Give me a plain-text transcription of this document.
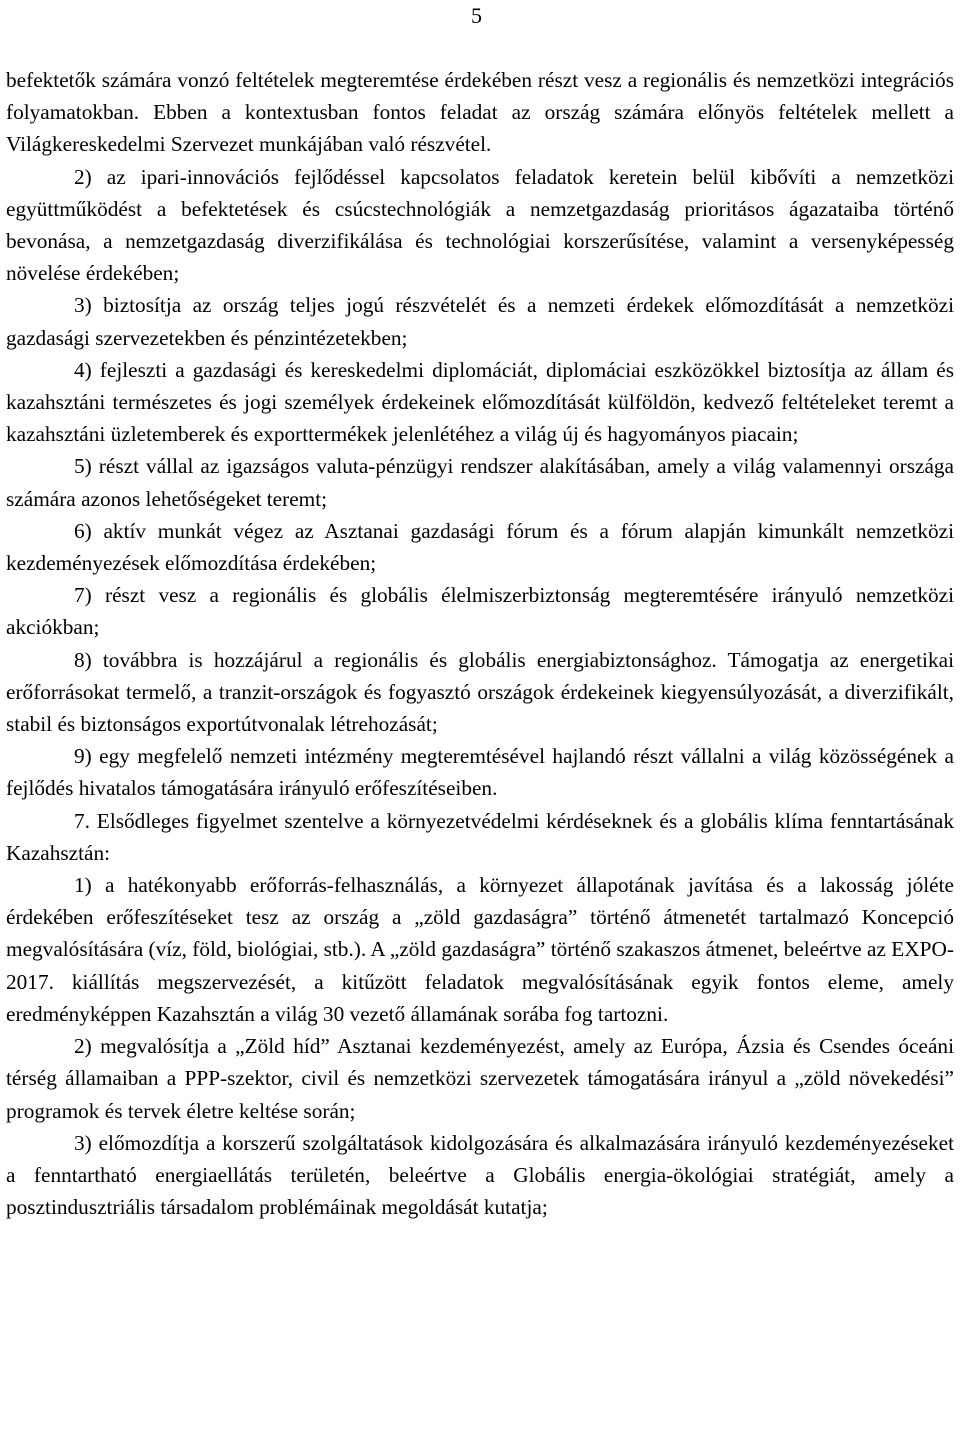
5

befektetők számára vonzó feltételek megteremtése érdekében részt vesz a regionális és nemzetközi integrációs folyamatokban. Ebben a kontextusban fontos feladat az ország számára előnyös feltételek mellett a Világkereskedelmi Szervezet munkájában való részvétel.

2) az ipari-innovációs fejlődéssel kapcsolatos feladatok keretein belül kibővíti a nemzetközi együttműködést a befektetések és csúcstechnológiák a nemzetgazdaság prioritásos ágazataiba történő bevonása, a nemzetgazdaság diverzifikálása és technológiai korszerűsítése, valamint a versenyképesség növelése érdekében;

3) biztosítja az ország teljes jogú részvételét és a nemzeti érdekek előmozdítását a nemzetközi gazdasági szervezetekben és pénzintézetekben;

4) fejleszti a gazdasági és kereskedelmi diplomáciát, diplomáciai eszközökkel biztosítja az állam és kazahsztáni természetes és jogi személyek érdekeinek előmozdítását külföldön, kedvező feltételeket teremt a kazahsztáni üzletemberek és exporttermékek jelenlétéhez a világ új és hagyományos piacain;

5) részt vállal az igazságos valuta-pénzügyi rendszer alakításában, amely a világ valamennyi országa számára azonos lehetőségeket teremt;

6) aktív munkát végez az Asztanai gazdasági fórum és a fórum alapján kimunkált nemzetközi kezdeményezések előmozdítása érdekében;

7) részt vesz a regionális és globális élelmiszerbiztonság megteremtésére irányuló nemzetközi akciókban;

8) továbbra is hozzájárul a regionális és globális energiabiztonsághoz. Támogatja az energetikai erőforrásokat termelő, a tranzit-országok és fogyasztó országok érdekeinek kiegyensúlyozását, a diverzifikált, stabil és biztonságos exportútvonalak létrehozását;

9) egy megfelelő nemzeti intézmény megteremtésével hajlandó részt vállalni a világ közösségének a fejlődés hivatalos támogatására irányuló erőfeszítéseiben.

7. Elsődleges figyelmet szentelve a környezetvédelmi kérdéseknek és a globális klíma fenntartásának Kazahsztán:

1) a hatékonyabb erőforrás-felhasználás, a környezet állapotának javítása és a lakosság jóléte érdekében erőfeszítéseket tesz az ország a „zöld gazdaságra” történő átmenetét tartalmazó Koncepció megvalósítására (víz, föld, biológiai, stb.). A „zöld gazdaságra” történő szakaszos átmenet, beleértve az EXPO-2017. kiállítás megszervezését, a kitűzött feladatok megvalósításának egyik fontos eleme, amely eredményképpen Kazahsztán a világ 30 vezető államának sorába fog tartozni.

2) megvalósítja a „Zöld híd” Asztanai kezdeményezést, amely az Európa, Ázsia és Csendes óceáni térség államaiban a PPP-szektor, civil és nemzetközi szervezetek támogatására irányul a „zöld növekedési” programok és tervek életre keltése során;

3) előmozdítja a korszerű szolgáltatások kidolgozására és alkalmazására irányuló kezdeményezéseket a fenntartható energiaellátás területén, beleértve a Globális energia-ökológiai stratégiát, amely a posztindusztriális társadalom problémáinak megoldását kutatja;
